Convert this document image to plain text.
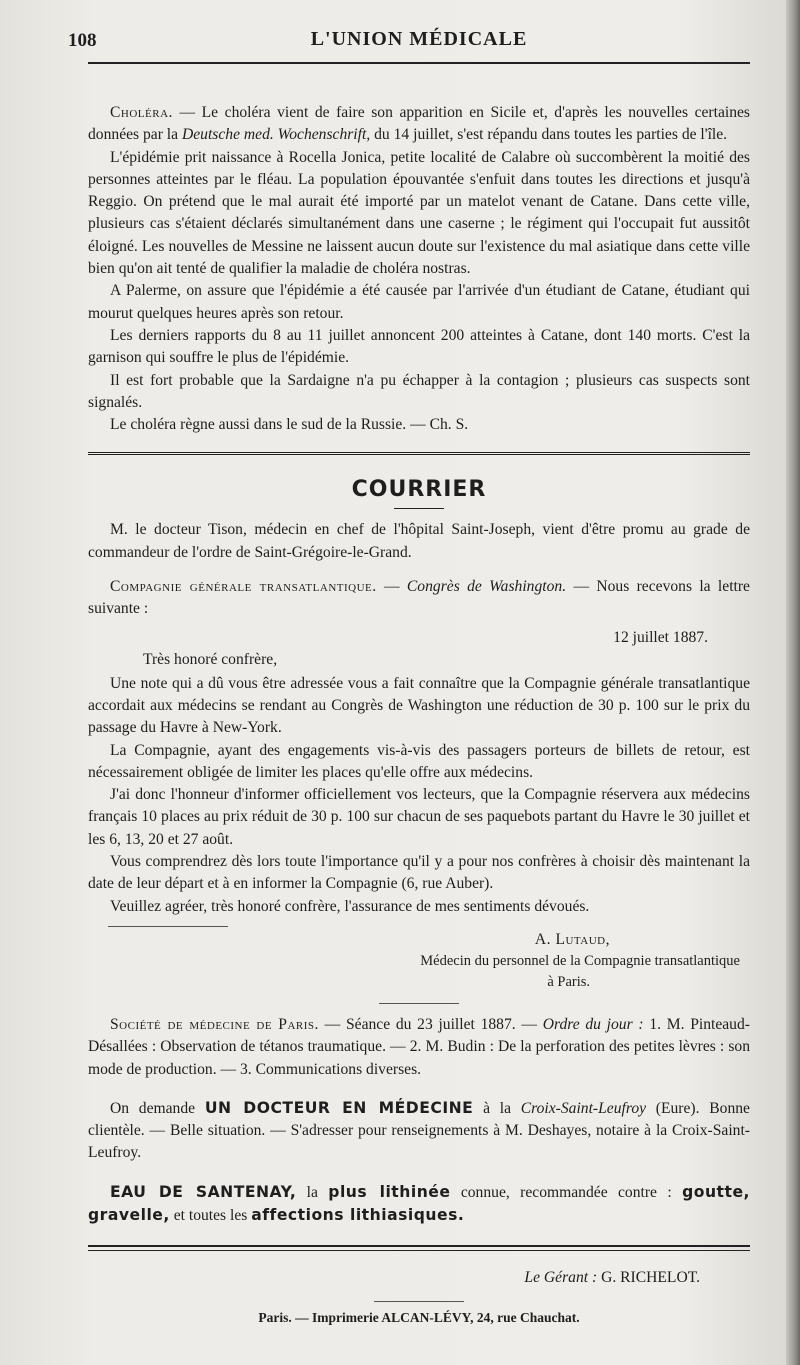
108	L'UNION MÉDICALE

Choléra. — Le choléra vient de faire son apparition en Sicile et, d'après les nouvelles certaines données par la Deutsche med. Wochenschrift, du 14 juillet, s'est répandu dans toutes les parties de l'île.

L'épidémie prit naissance à Rocella Jonica, petite localité de Calabre où succombèrent la moitié des personnes atteintes par le fléau. La population épouvantée s'enfuit dans toutes les directions et jusqu'à Reggio. On prétend que le mal aurait été importé par un matelot venant de Catane. Dans cette ville, plusieurs cas s'étaient déclarés simultanément dans une caserne ; le régiment qui l'occupait fut aussitôt éloigné. Les nouvelles de Messine ne laissent aucun doute sur l'existence du mal asiatique dans cette ville bien qu'on ait tenté de qualifier la maladie de choléra nostras.

A Palerme, on assure que l'épidémie a été causée par l'arrivée d'un étudiant de Catane, étudiant qui mourut quelques heures après son retour.

Les derniers rapports du 8 au 11 juillet annoncent 200 atteintes à Catane, dont 140 morts. C'est la garnison qui souffre le plus de l'épidémie.

Il est fort probable que la Sardaigne n'a pu échapper à la contagion ; plusieurs cas suspects sont signalés.

Le choléra règne aussi dans le sud de la Russie. — Ch. S.

COURRIER

M. le docteur Tison, médecin en chef de l'hôpital Saint-Joseph, vient d'être promu au grade de commandeur de l'ordre de Saint-Grégoire-le-Grand.

Compagnie générale transatlantique. — Congrès de Washington. — Nous recevons la lettre suivante :

12 juillet 1887.
Très honoré confrère,

Une note qui a dû vous être adressée vous a fait connaître que la Compagnie générale transatlantique accordait aux médecins se rendant au Congrès de Washington une réduction de 30 p. 100 sur le prix du passage du Havre à New-York.

La Compagnie, ayant des engagements vis-à-vis des passagers porteurs de billets de retour, est nécessairement obligée de limiter les places qu'elle offre aux médecins.

J'ai donc l'honneur d'informer officiellement vos lecteurs, que la Compagnie réservera aux médecins français 10 places au prix réduit de 30 p. 100 sur chacun de ses paquebots partant du Havre le 30 juillet et les 6, 13, 20 et 27 août.

Vous comprendrez dès lors toute l'importance qu'il y a pour nos confrères à choisir dès maintenant la date de leur départ et à en informer la Compagnie (6, rue Auber).

Veuillez agréer, très honoré confrère, l'assurance de mes sentiments dévoués.

A. Lutaud,
Médecin du personnel de la Compagnie transatlantique
à Paris.

Société de médecine de Paris. — Séance du 23 juillet 1887. — Ordre du jour : 1. M. Pinteaud-Désallées : Observation de tétanos traumatique. — 2. M. Budin : De la perforation des petites lèvres : son mode de production. — 3. Communications diverses.

On demande UN DOCTEUR EN MÉDECINE à la Croix-Saint-Leufroy (Eure). Bonne clientèle. — Belle situation. — S'adresser pour renseignements à M. Deshayes, notaire à la Croix-Saint-Leufroy.

EAU DE SANTENAY, la plus lithinée connue, recommandée contre : goutte, gravelle, et toutes les affections lithiasiques.

Le Gérant : G. RICHELOT.
Paris. — Imprimerie ALCAN-LÉVY, 24, rue Chauchat.
